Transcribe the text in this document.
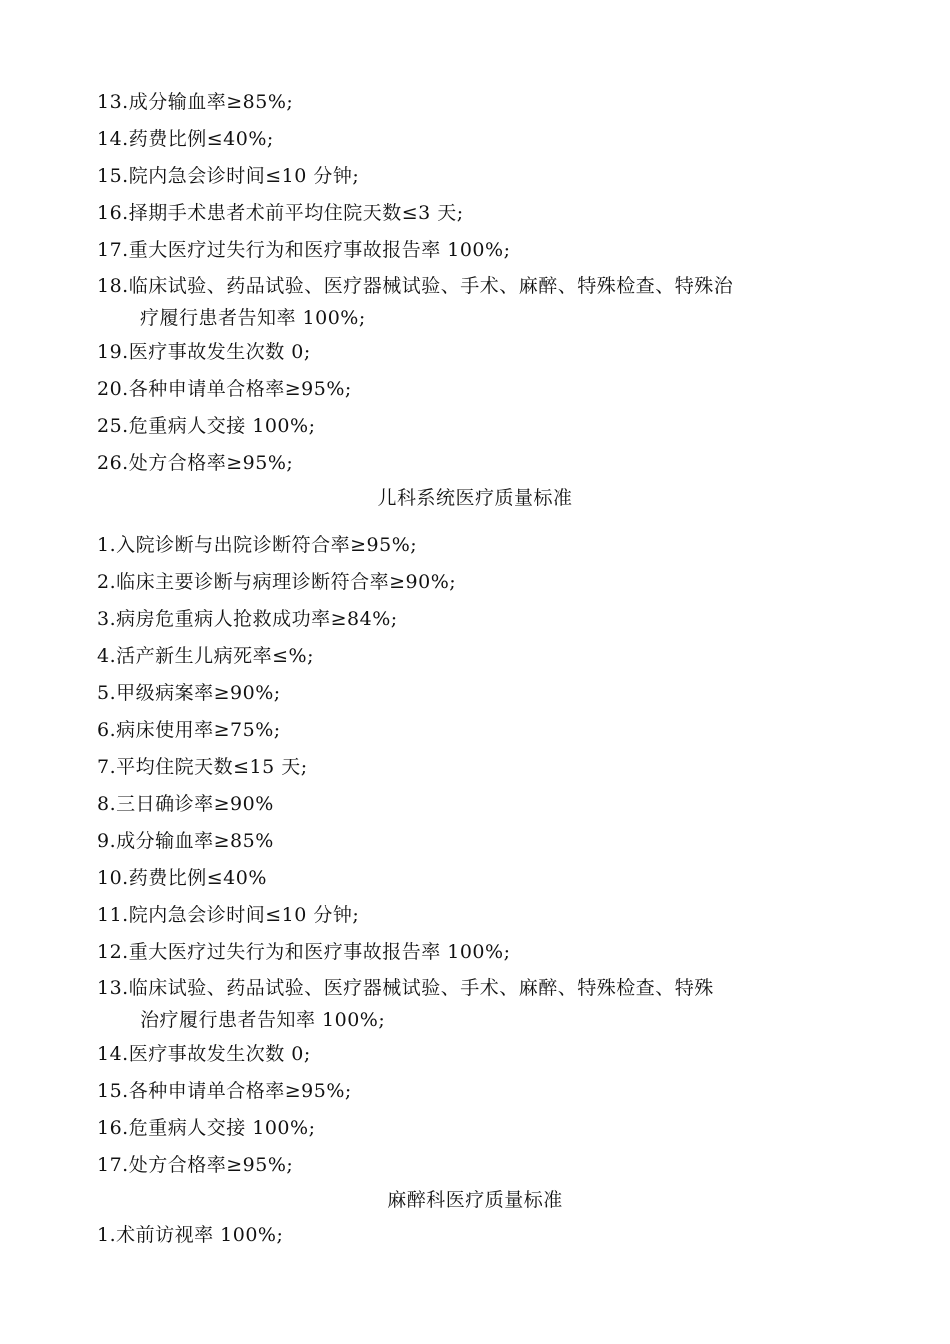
13.成分输血率≥85%;
14.药费比例≤40%;
15.院内急会诊时间≤10 分钟;
16.择期手术患者术前平均住院天数≤3 天;
17.重大医疗过失行为和医疗事故报告率 100%;
18.临床试验、药品试验、医疗器械试验、手术、麻醉、特殊检查、特殊治
疗履行患者告知率 100%;
19.医疗事故发生次数 0;
20.各种申请单合格率≥95%;
25.危重病人交接 100%;
26.处方合格率≥95%;
儿科系统医疗质量标准
1.入院诊断与出院诊断符合率≥95%;
2.临床主要诊断与病理诊断符合率≥90%;
3.病房危重病人抢救成功率≥84%;
4.活产新生儿病死率≤%;
5.甲级病案率≥90%;
6.病床使用率≥75%;
7.平均住院天数≤15 天;
8.三日确诊率≥90%
9.成分输血率≥85%
10.药费比例≤40%
11.院内急会诊时间≤10 分钟;
12.重大医疗过失行为和医疗事故报告率 100%;
13.临床试验、药品试验、医疗器械试验、手术、麻醉、特殊检查、特殊
治疗履行患者告知率 100%;
14.医疗事故发生次数 0;
15.各种申请单合格率≥95%;
16.危重病人交接 100%;
17.处方合格率≥95%;
麻醉科医疗质量标准
1.术前访视率 100%;
